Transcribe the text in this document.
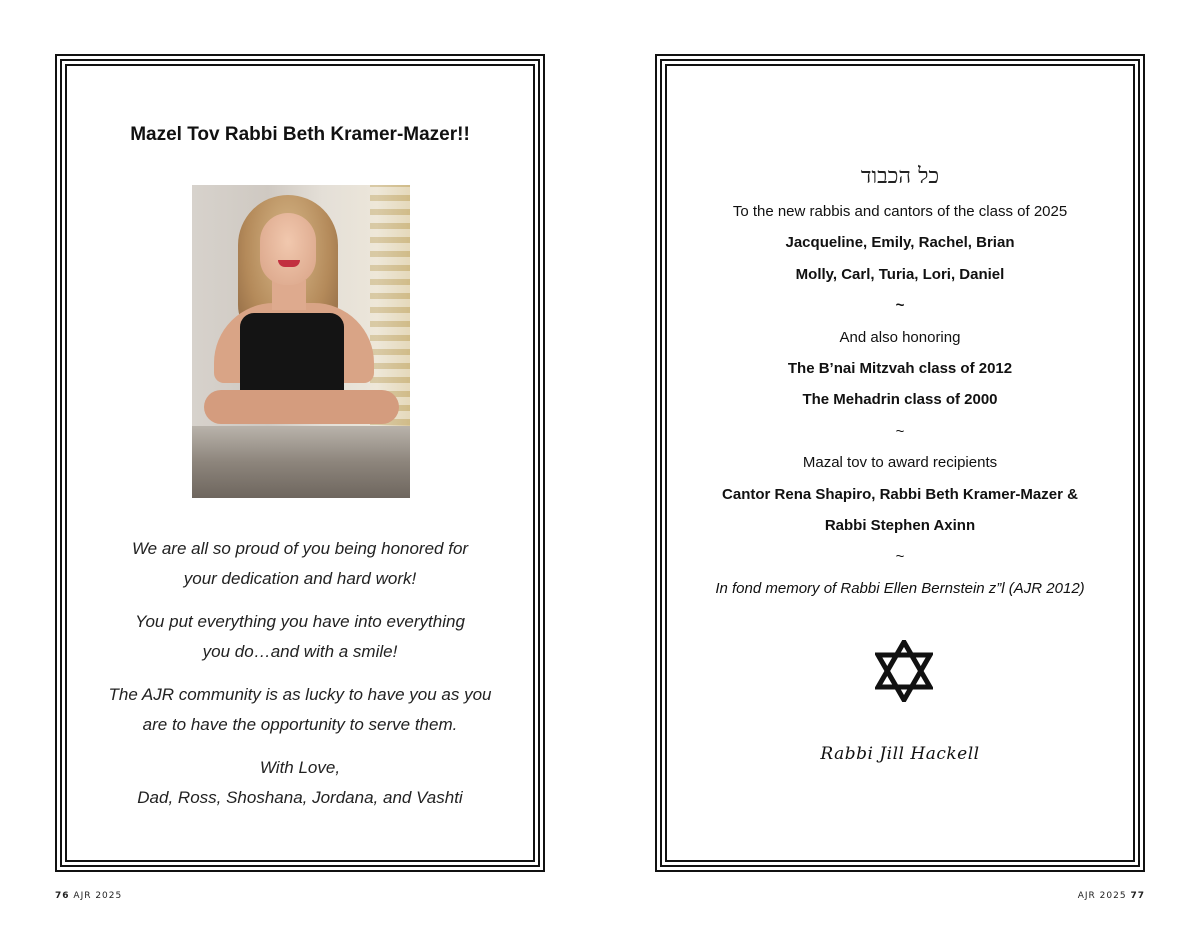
Mazel Tov Rabbi Beth Kramer-Mazer!!

We are all so proud of you being honored for
your dedication and hard work!

You put everything you have into everything
you do…and with a smile!

The AJR community is as lucky to have you as you
are to have the opportunity to serve them.

With Love,
Dad, Ross, Shoshana, Jordana, and Vashti

כל הכבוד
To the new rabbis and cantors of the class of 2025
Jacqueline, Emily, Rachel, Brian
Molly, Carl, Turia, Lori, Daniel
~
And also honoring
The B’nai Mitzvah class of 2012
The Mehadrin class of 2000
~
Mazal tov to award recipients
Cantor Rena Shapiro, Rabbi Beth Kramer-Mazer &
Rabbi Stephen Axinn
~
In fond memory of Rabbi Ellen Bernstein z”l (AJR 2012)
Rabbi Jill Hackell
76 AJR 2025	AJR 2025 77
